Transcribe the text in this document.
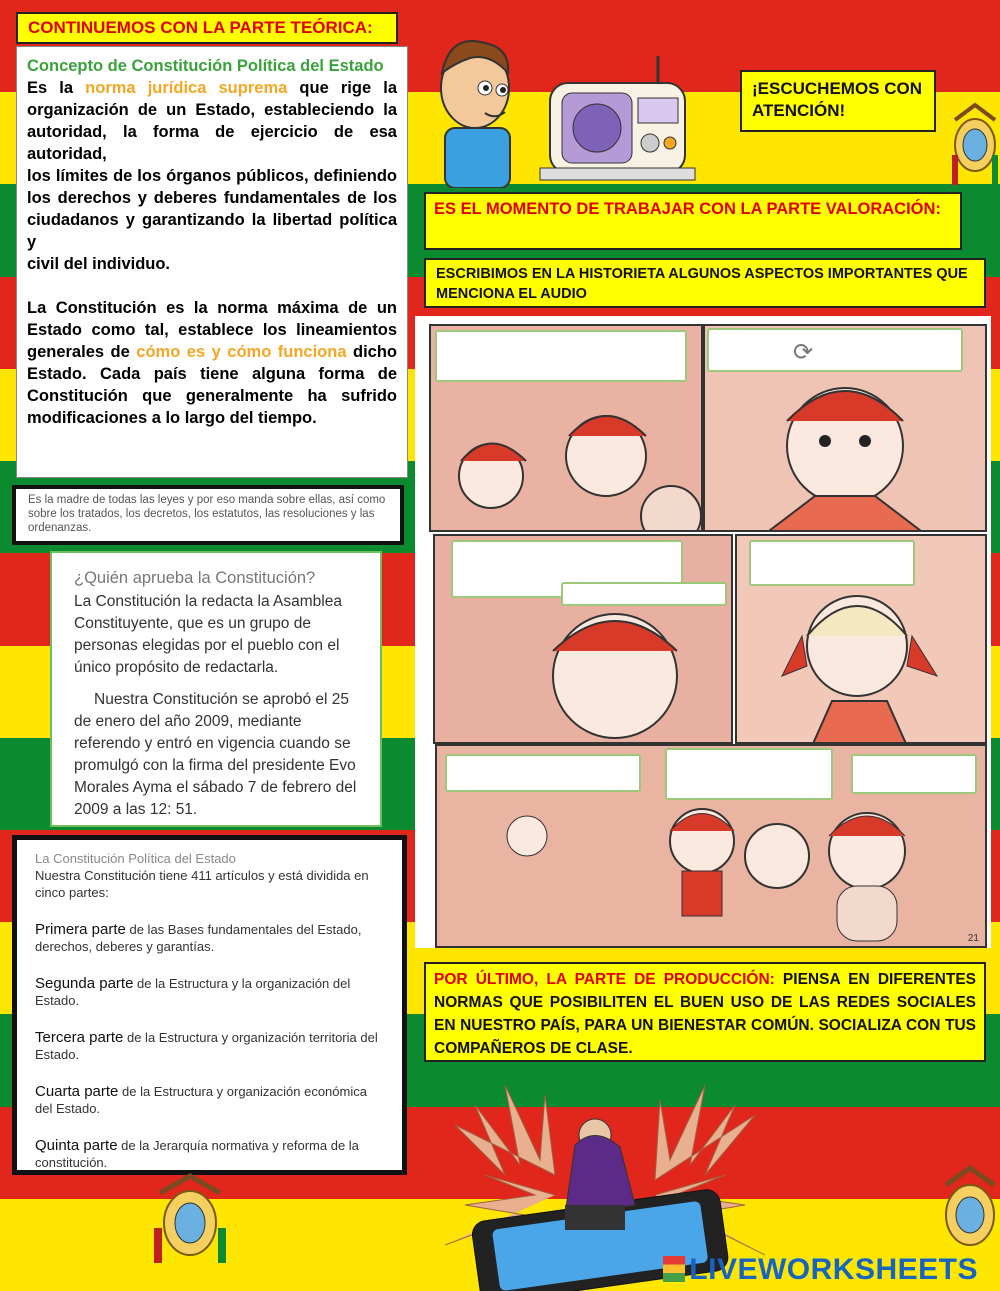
CONTINUEMOS CON LA PARTE TEÓRICA:
Concepto de Constitución Política del Estado
Es la norma jurídica suprema que rige la organización de un Estado, estableciendo la autoridad, la forma de ejercicio de esa autoridad,
los límites de los órganos públicos, definiendo los derechos y deberes fundamentales de los ciudadanos y garantizando la libertad política y
civil del individuo.
La Constitución es la norma máxima de un Estado como tal, establece los lineamientos generales de cómo es y cómo funciona dicho Estado. Cada país tiene alguna forma de Constitución que generalmente ha sufrido modificaciones a lo largo del tiempo.
Es la madre de todas las leyes y por eso manda sobre ellas, así como sobre los tratados, los decretos, los estatutos, las resoluciones y las ordenanzas.
¿Quién aprueba la Constitución?
La Constitución la redacta la Asamblea Constituyente, que es un grupo de personas elegidas por el pueblo con el único propósito de redactarla.
Nuestra Constitución se aprobó el 25 de enero del año 2009, mediante referendo y entró en vigencia cuando se promulgó con la firma del presidente Evo Morales Ayma el sábado 7 de febrero del 2009 a las 12: 51.
La Constitución Política del Estado
Nuestra Constitución tiene 411 artículos y está dividida en cinco partes:
Primera parte de las Bases fundamentales del Estado, derechos, deberes y garantías.
Segunda parte de la Estructura y la organización del Estado.
Tercera parte de la Estructura y organización territoria del Estado.
Cuarta parte de la Estructura y organización económica del Estado.
Quinta parte de la Jerarquía normativa y reforma de la constitución.
¡ESCUCHEMOS CON ATENCIÓN!
ES EL MOMENTO DE TRABAJAR CON LA PARTE VALORACIÓN:
ESCRIBIMOS EN LA HISTORIETA ALGUNOS ASPECTOS IMPORTANTES QUE MENCIONA EL AUDIO
⟳
21
POR ÚLTIMO, LA PARTE DE PRODUCCIÓN: PIENSA EN DIFERENTES NORMAS QUE POSIBILITEN EL BUEN USO DE LAS REDES SOCIALES EN NUESTRO PAÍS, PARA UN BIENESTAR COMÚN. SOCIALIZA CON TUS COMPAÑEROS DE CLASE.
LIVEWORKSHEETS
